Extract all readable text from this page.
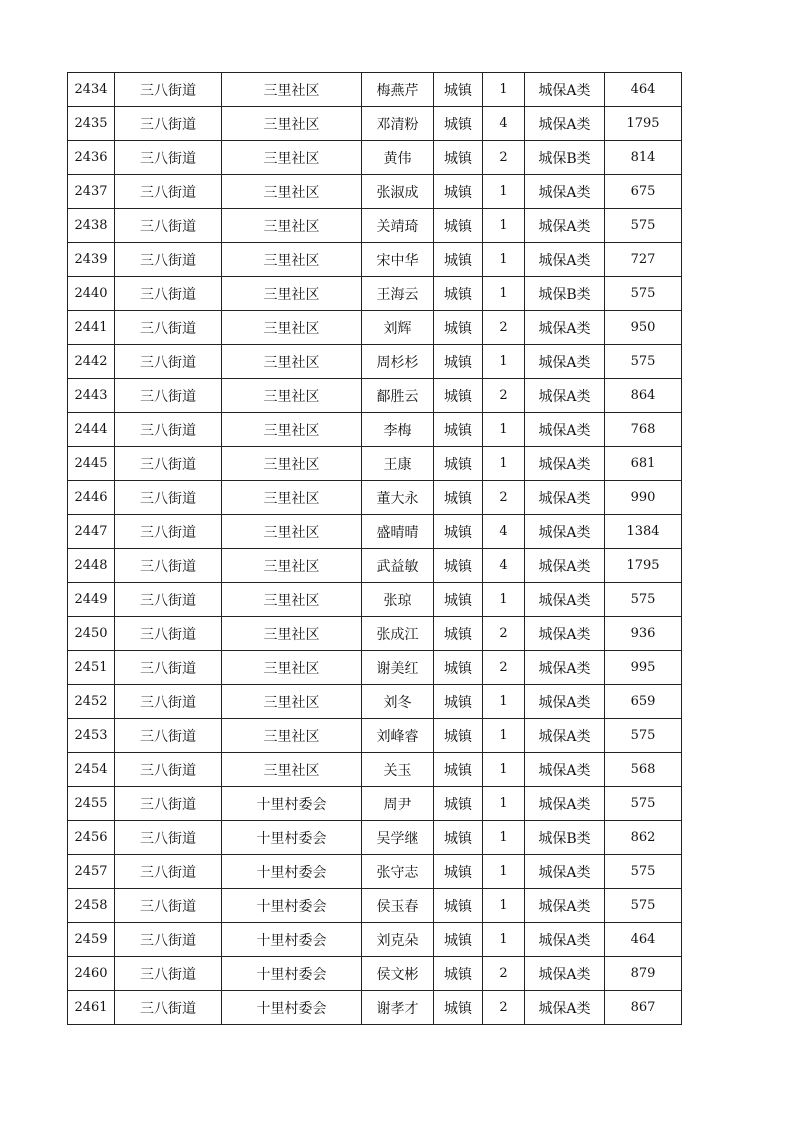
2434	三八街道	三里社区	梅燕芹	城镇	1	城保A类	464
2435	三八街道	三里社区	邓清粉	城镇	4	城保A类	1795
2436	三八街道	三里社区	黄伟	城镇	2	城保B类	814
2437	三八街道	三里社区	张淑成	城镇	1	城保A类	675
2438	三八街道	三里社区	关靖琦	城镇	1	城保A类	575
2439	三八街道	三里社区	宋中华	城镇	1	城保A类	727
2440	三八街道	三里社区	王海云	城镇	1	城保B类	575
2441	三八街道	三里社区	刘辉	城镇	2	城保A类	950
2442	三八街道	三里社区	周杉杉	城镇	1	城保A类	575
2443	三八街道	三里社区	鄐胜云	城镇	2	城保A类	864
2444	三八街道	三里社区	李梅	城镇	1	城保A类	768
2445	三八街道	三里社区	王康	城镇	1	城保A类	681
2446	三八街道	三里社区	董大永	城镇	2	城保A类	990
2447	三八街道	三里社区	盛晴晴	城镇	4	城保A类	1384
2448	三八街道	三里社区	武益敏	城镇	4	城保A类	1795
2449	三八街道	三里社区	张琼	城镇	1	城保A类	575
2450	三八街道	三里社区	张成江	城镇	2	城保A类	936
2451	三八街道	三里社区	谢美红	城镇	2	城保A类	995
2452	三八街道	三里社区	刘冬	城镇	1	城保A类	659
2453	三八街道	三里社区	刘峰睿	城镇	1	城保A类	575
2454	三八街道	三里社区	关玉	城镇	1	城保A类	568
2455	三八街道	十里村委会	周尹	城镇	1	城保A类	575
2456	三八街道	十里村委会	吴学继	城镇	1	城保B类	862
2457	三八街道	十里村委会	张守志	城镇	1	城保A类	575
2458	三八街道	十里村委会	侯玉春	城镇	1	城保A类	575
2459	三八街道	十里村委会	刘克朵	城镇	1	城保A类	464
2460	三八街道	十里村委会	侯文彬	城镇	2	城保A类	879
2461	三八街道	十里村委会	谢孝才	城镇	2	城保A类	867
